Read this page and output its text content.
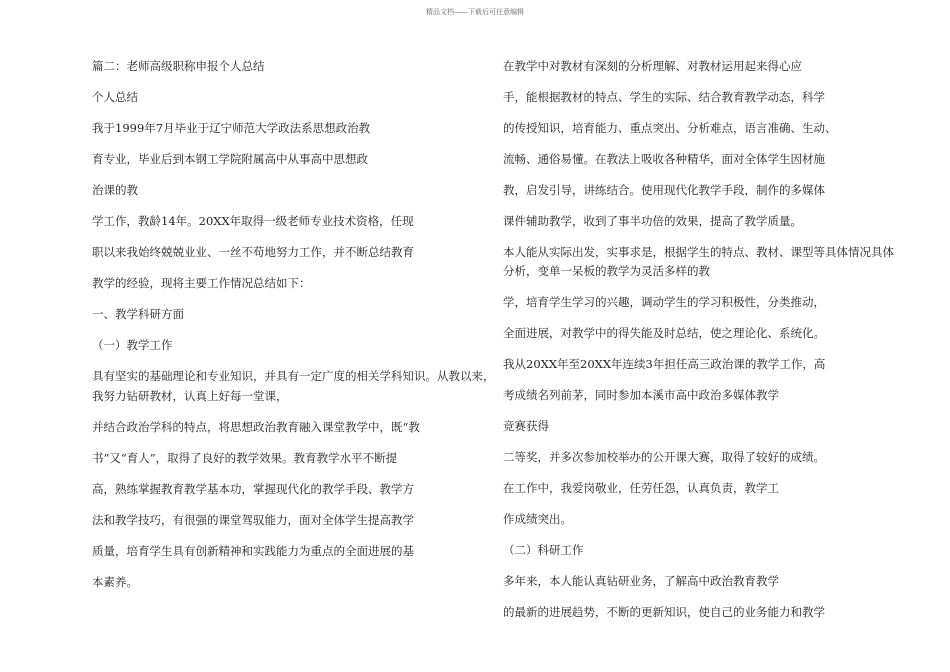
精品文档——下载后可任意编辑

篇二：老师高级职称申报个人总结

个人总结

我于1999年7月毕业于辽宁师范大学政法系思想政治教

育专业，毕业后到本钢工学院附属高中从事高中思想政

治课的教

学工作，教龄14年。20XX年取得一级老师专业技术资格，任现

职以来我始终兢兢业业、一丝不苟地努力工作，并不断总结教育

教学的经验，现将主要工作情况总结如下：

一、教学科研方面

（一）教学工作

具有坚实的基础理论和专业知识，并具有一定广度的相关学科知识。从教以来，

我努力钻研教材，认真上好每一堂课，

并结合政治学科的特点，将思想政治教育融入课堂教学中，既“教

书”又“育人”，取得了良好的教学效果。教育教学水平不断提

高，熟练掌握教育教学基本功，掌握现代化的教学手段、教学方

法和教学技巧，有很强的课堂驾驭能力，面对全体学生提高教学

质量，培育学生具有创新精神和实践能力为重点的全面进展的基

本素养。

在教学中对教材有深刻的分析理解、对教材运用起来得心应

手，能根据教材的特点、学生的实际、结合教育教学动态，科学

的传授知识，培育能力、重点突出、分析难点，语言准确、生动、

流畅、通俗易懂。在教法上吸收各种精华，面对全体学生因材施

教，启发引导，讲练结合。使用现代化教学手段，制作的多媒体

课件辅助教学，收到了事半功倍的效果，提高了教学质量。

本人能从实际出发，实事求是，根据学生的特点、教材、课型等具体情况具体

分析，变单一呆板的教学为灵活多样的教

学，培育学生学习的兴趣，调动学生的学习积极性，分类推动，

全面进展，对教学中的得失能及时总结，使之理论化、系统化。

我从20XX年至20XX年连续3年担任高三政治课的教学工作，高

考成绩名列前茅，同时参加本溪市高中政治多媒体教学

竞赛获得

二等奖，并多次参加校举办的公开课大赛，取得了较好的成绩。

在工作中，我爱岗敬业，任劳任怨，认真负责，教学工

作成绩突出。

（二）科研工作

多年来，本人能认真钻研业务，了解高中政治教育教学

的最新的进展趋势，不断的更新知识，使自己的业务能力和教学
